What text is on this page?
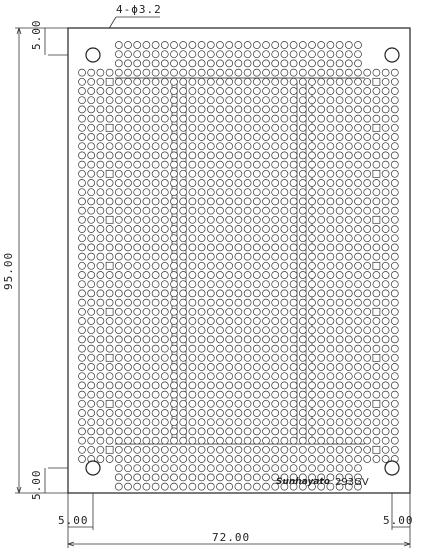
4-ϕ3.2
5.00
95.00
5.00
5.00	5.00
72.00
Sunhayato 293GV
